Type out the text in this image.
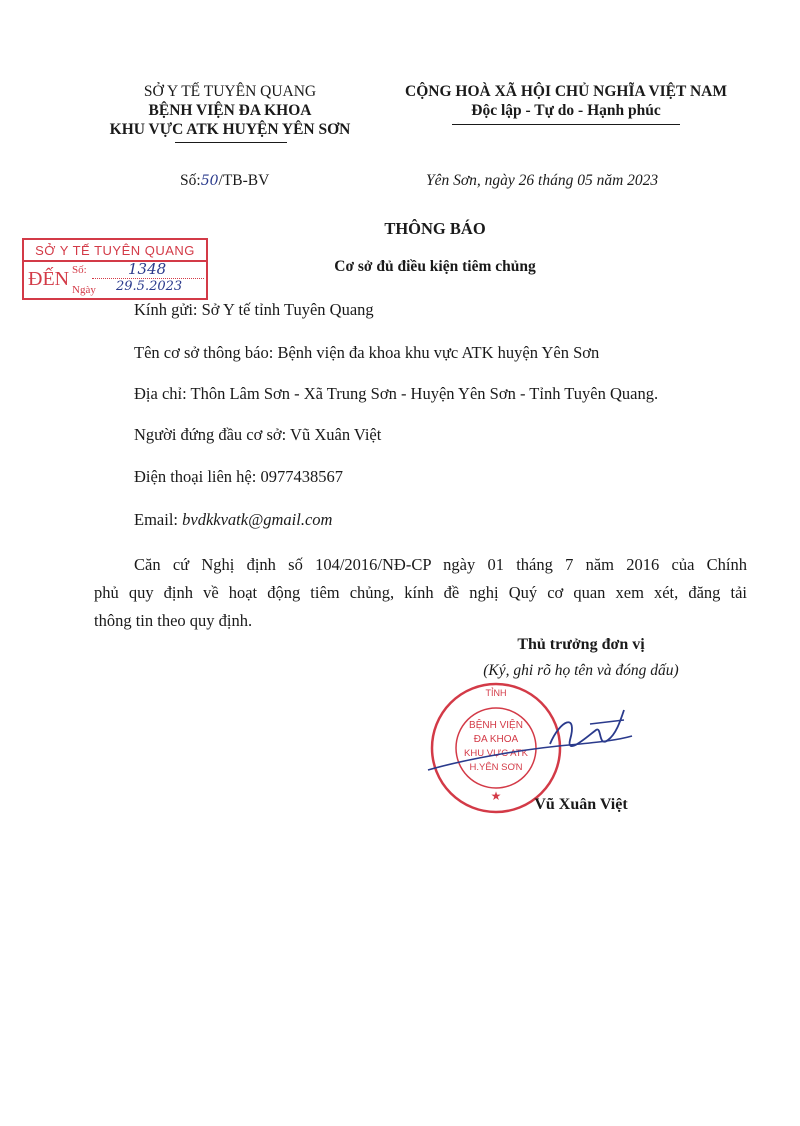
SỞ Y TẾ TUYÊN QUANG
BỆNH VIỆN ĐA KHOA
KHU VỰC ATK HUYỆN YÊN SƠN
CỘNG HOÀ XÃ HỘI CHỦ NGHĨA VIỆT NAM
Độc lập - Tự do - Hạnh phúc
Số:50/TB-BV	Yên Sơn, ngày 26 tháng 05 năm 2023
THÔNG BÁO
Cơ sở đủ điều kiện tiêm chủng
SỞ Y TẾ TUYÊN QUANG
ĐẾN Số:	1348
Ngày 29.5.2023
Kính gửi: Sở Y tế tỉnh Tuyên Quang
Tên cơ sở thông báo: Bệnh viện đa khoa khu vực ATK huyện Yên Sơn
Địa chỉ: Thôn Lâm Sơn - Xã Trung Sơn - Huyện Yên Sơn - Tỉnh Tuyên Quang.
Người đứng đầu cơ sở: Vũ Xuân Việt
Điện thoại liên hệ: 0977438567
Email: bvdkkvatk@gmail.com
Căn cứ Nghị định số 104/2016/NĐ-CP ngày 01 tháng 7 năm 2016 của Chính
phủ quy định về hoạt động tiêm chủng, kính đề nghị Quý cơ quan xem xét, đăng tải
thông tin theo quy định.
Thủ trưởng đơn vị
(Ký, ghi rõ họ tên và đóng dấu)
TỈNH
BỆNH VIỆN
ĐA KHOA
KHU VỰC ATK
H.YÊN SƠN
★	Vũ Xuân Việt
